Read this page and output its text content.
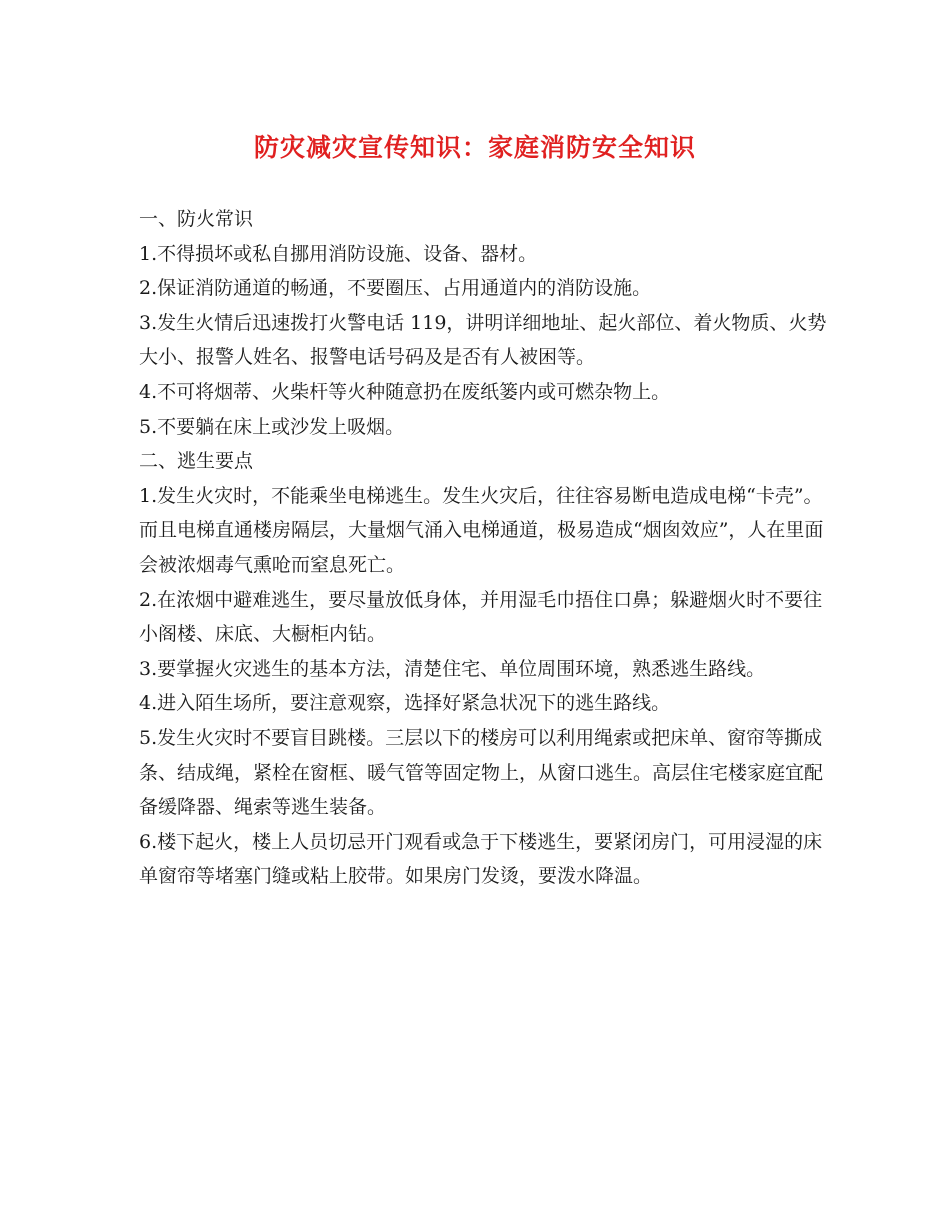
防灾减灾宣传知识：家庭消防安全知识

一、防火常识

1.不得损坏或私自挪用消防设施、设备、器材。

2.保证消防通道的畅通，不要圈压、占用通道内的消防设施。

3.发生火情后迅速拨打火警电话 119，讲明详细地址、起火部位、着火物质、火势大小、报警人姓名、报警电话号码及是否有人被困等。

4.不可将烟蒂、火柴杆等火种随意扔在废纸篓内或可燃杂物上。

5.不要躺在床上或沙发上吸烟。

二、逃生要点

1.发生火灾时，不能乘坐电梯逃生。发生火灾后，往往容易断电造成电梯“卡壳”。而且电梯直通楼房隔层，大量烟气涌入电梯通道，极易造成“烟囱效应”，人在里面会被浓烟毒气熏呛而窒息死亡。

2.在浓烟中避难逃生，要尽量放低身体，并用湿毛巾捂住口鼻；躲避烟火时不要往小阁楼、床底、大橱柜内钻。

3.要掌握火灾逃生的基本方法，清楚住宅、单位周围环境，熟悉逃生路线。

4.进入陌生场所，要注意观察，选择好紧急状况下的逃生路线。

5.发生火灾时不要盲目跳楼。三层以下的楼房可以利用绳索或把床单、窗帘等撕成条、结成绳，紧栓在窗框、暖气管等固定物上，从窗口逃生。高层住宅楼家庭宜配备缓降器、绳索等逃生装备。

6.楼下起火，楼上人员切忌开门观看或急于下楼逃生，要紧闭房门，可用浸湿的床单窗帘等堵塞门缝或粘上胶带。如果房门发烫，要泼水降温。
